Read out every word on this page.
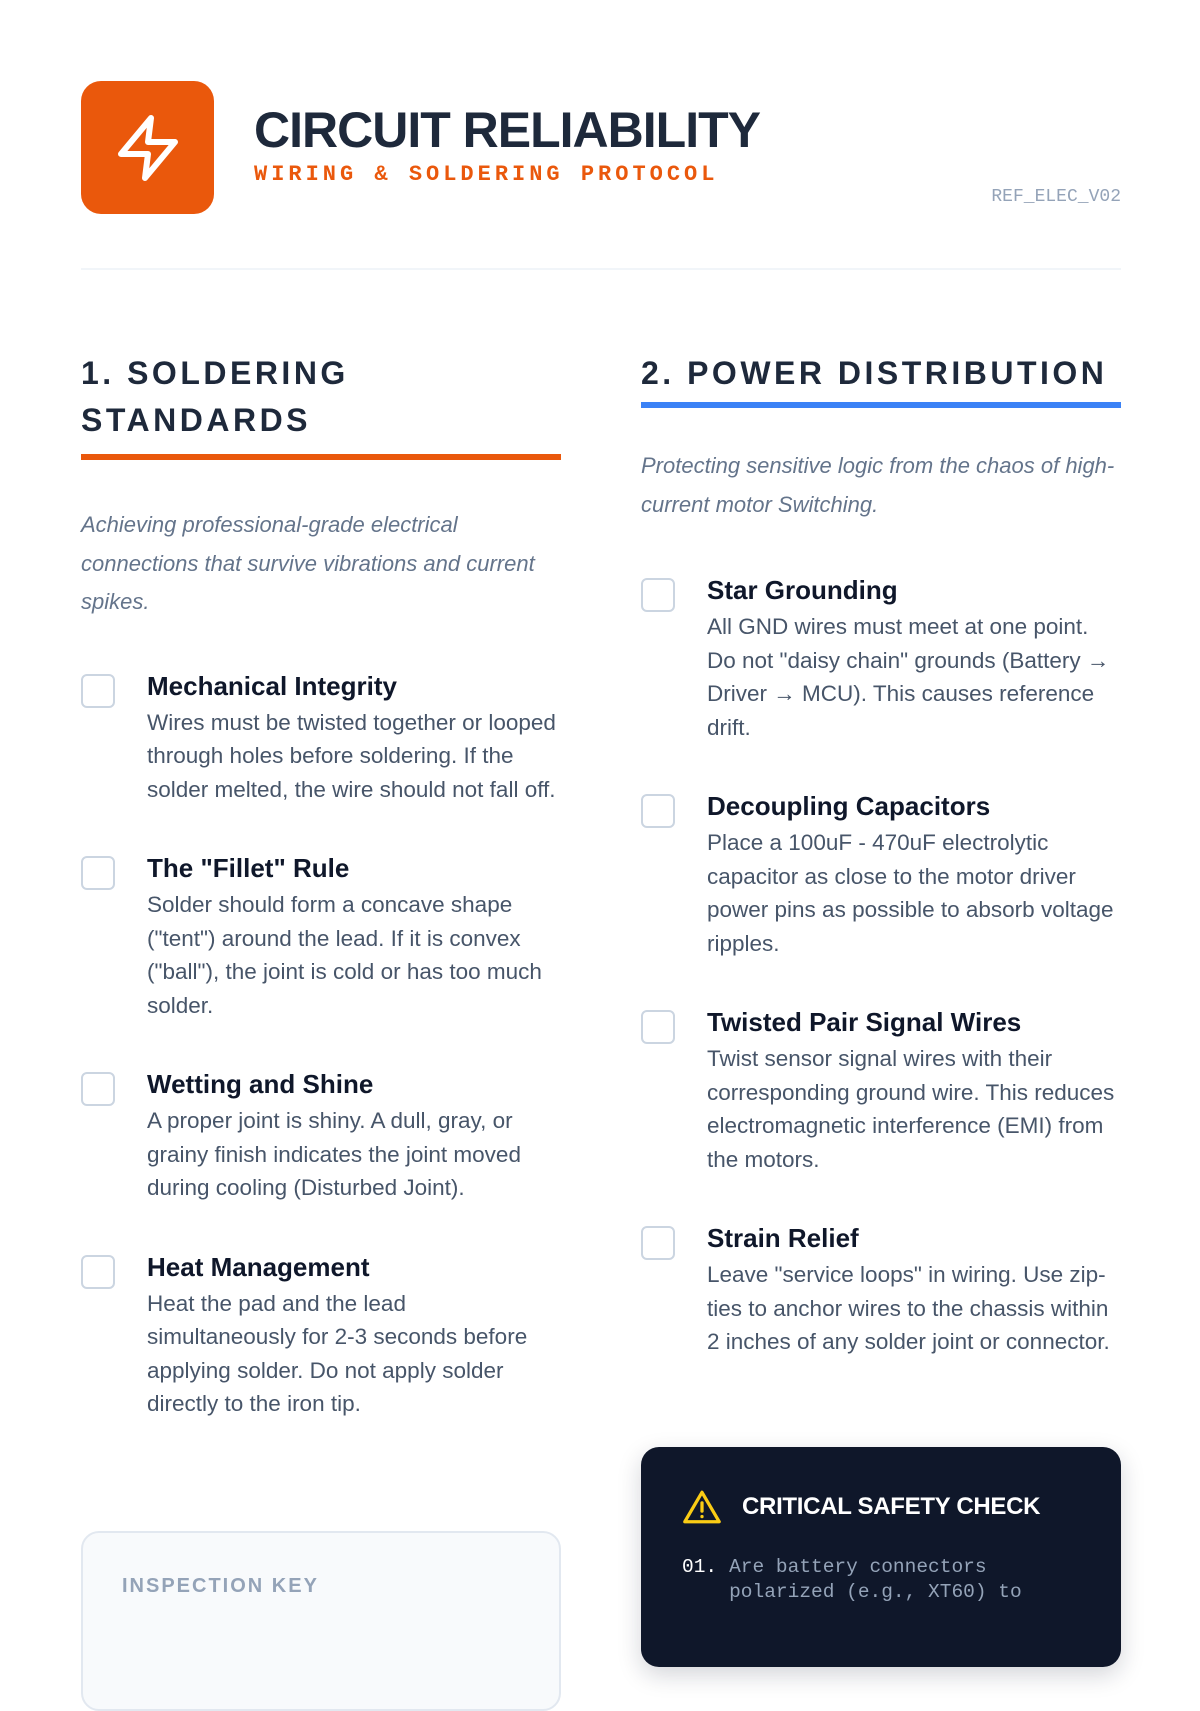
CIRCUIT RELIABILITY
WIRING & SOLDERING PROTOCOL
REF_ELEC_V02
1. SOLDERING STANDARDS

Achieving professional-grade electrical connections that survive vibrations and current spikes.

Mechanical Integrity
Wires must be twisted together or looped through holes before soldering. If the solder melted, the wire should not fall off.
The "Fillet" Rule
Solder should form a concave shape ("tent") around the lead. If it is convex ("ball"), the joint is cold or has too much solder.
Wetting and Shine
A proper joint is shiny. A dull, gray, or grainy finish indicates the joint moved during cooling (Disturbed Joint).
Heat Management
Heat the pad and the lead simultaneously for 2-3 seconds before applying solder. Do not apply solder directly to the iron tip.
2. POWER DISTRIBUTION

Protecting sensitive logic from the chaos of high-current motor Switching.

Star Grounding
All GND wires must meet at one point. Do not "daisy chain" grounds (Battery → Driver → MCU). This causes reference drift.
Decoupling Capacitors
Place a 100uF - 470uF electrolytic capacitor as close to the motor driver power pins as possible to absorb voltage ripples.
Twisted Pair Signal Wires
Twist sensor signal wires with their corresponding ground wire. This reduces electromagnetic interference (EMI) from the motors.
Strain Relief
Leave "service loops" in wiring. Use zip-ties to anchor wires to the chassis within 2 inches of any solder joint or connector.
CRITICAL SAFETY CHECK
01. Are battery connectors polarized (e.g., XT60) to
INSPECTION KEY
